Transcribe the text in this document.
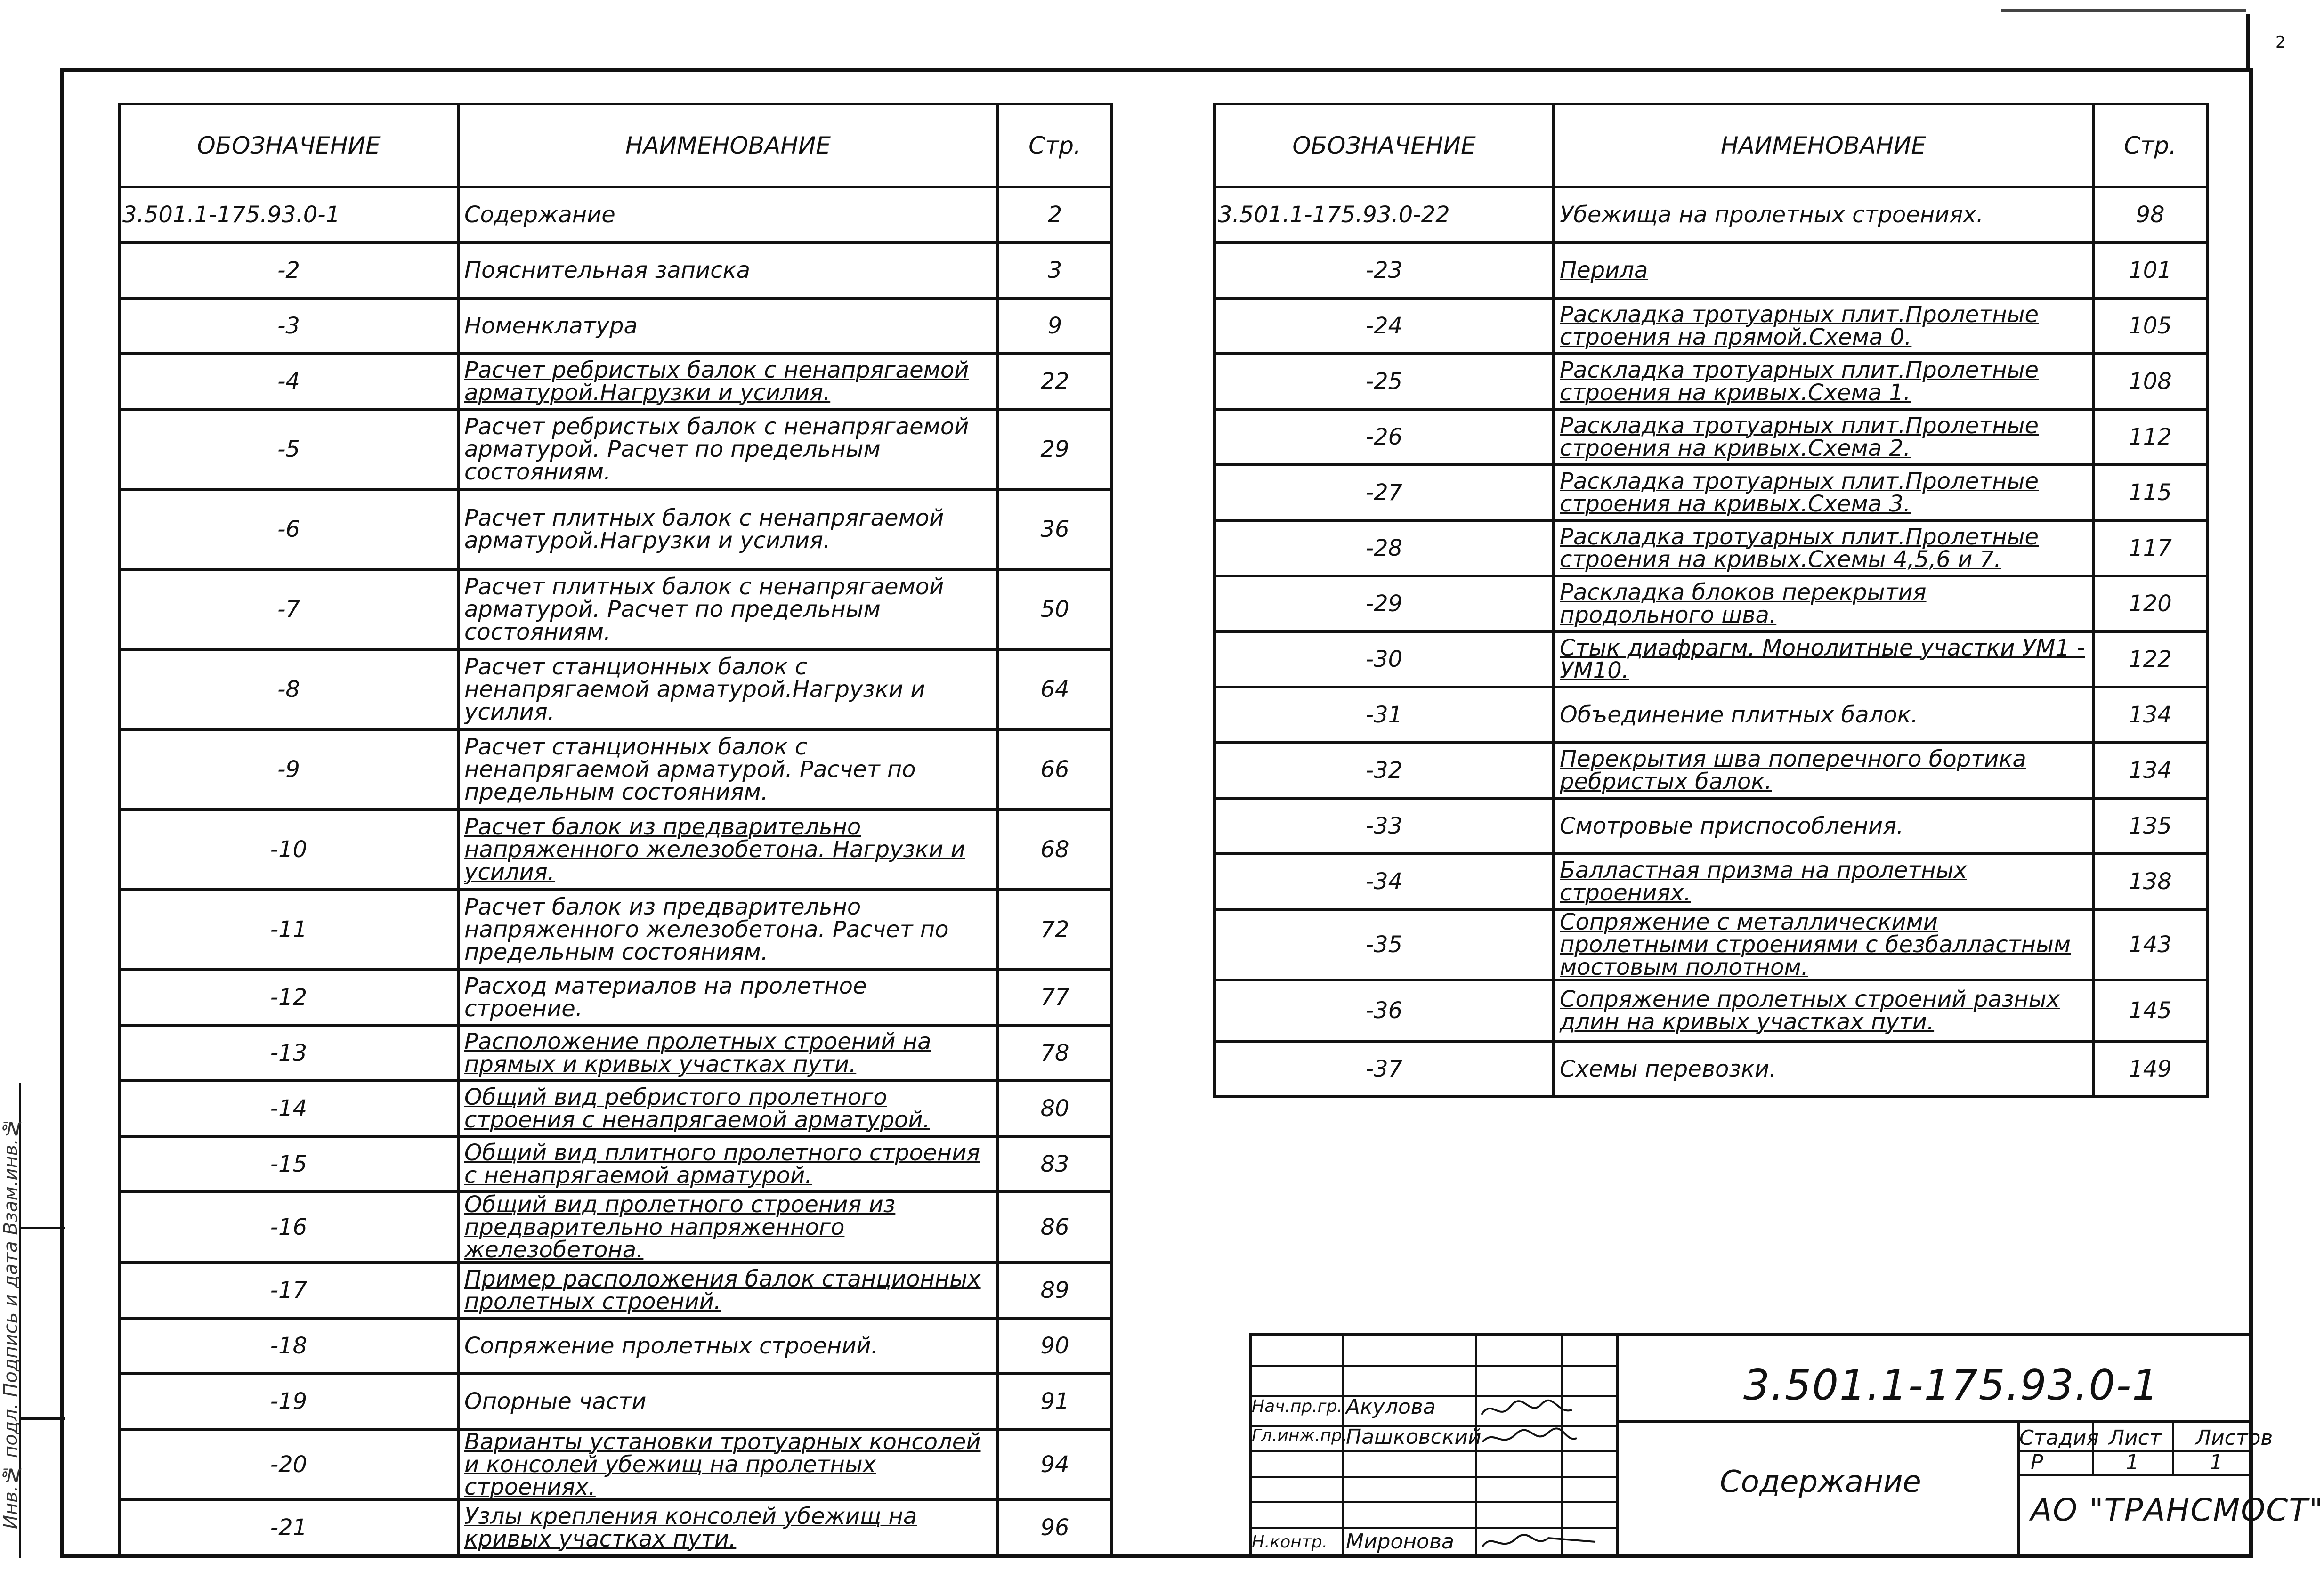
2
ОБОЗНАЧЕНИЕ	НАИМЕНОВАНИЕ	Стр.
3.501.1-175.93.0-1	Содержание	2
-2	Пояснительная записка	3
-3	Номенклатура	9
-4	Расчет ребристых балок с ненапрягаемой арматурой.Нагрузки и усилия.	22
-5	Расчет ребристых балок с ненапрягаемой арматурой. Расчет по предельным состояниям.	29
-6	Расчет плитных балок с ненапрягаемой арматурой.Нагрузки и усилия.	36
-7	Расчет плитных балок с ненапрягаемой арматурой. Расчет по предельным состояниям.	50
-8	Расчет станционных балок с ненапрягаемой арматурой.Нагрузки и усилия.	64
-9	Расчет станционных балок с ненапрягаемой арматурой. Расчет по предельным состояниям.	66
-10	Расчет балок из предварительно напряженного железобетона. Нагрузки и усилия.	68
-11	Расчет балок из предварительно напряженного железобетона. Расчет по предельным состояниям.	72
-12	Расход материалов на пролетное строение.	77
-13	Расположение пролетных строений на прямых и кривых участках пути.	78
-14	Общий вид ребристого пролетного строения с ненапрягаемой арматурой.	80
-15	Общий вид плитного пролетного строения с ненапрягаемой арматурой.	83
-16	Общий вид пролетного строения из предварительно напряженного железобетона.	86
-17	Пример расположения балок станционных пролетных строений.	89
-18	Сопряжение пролетных строений.	90
-19	Опорные части	91
-20	Варианты установки тротуарных консолей и консолей убежищ на пролетных строениях.	94
-21	Узлы крепления консолей убежищ на кривых участках пути.	96
ОБОЗНАЧЕНИЕ	НАИМЕНОВАНИЕ	Стр.
3.501.1-175.93.0-22	Убежища на пролетных строениях.	98
-23	Перила	101
-24	Раскладка тротуарных плит.Пролетные строения на прямой.Схема 0.	105
-25	Раскладка тротуарных плит.Пролетные строения на кривых.Схема 1.	108
-26	Раскладка тротуарных плит.Пролетные строения на кривых.Схема 2.	112
-27	Раскладка тротуарных плит.Пролетные строения на кривых.Схема 3.	115
-28	Раскладка тротуарных плит.Пролетные строения на кривых.Схемы 4,5,6 и 7.	117
-29	Раскладка блоков перекрытия продольного шва.	120
-30	Стык диафрагм. Монолитные участки УМ1 - УМ10.	122
-31	Объединение плитных балок.	134
-32	Перекрытия шва поперечного бортика ребристых балок.	134
-33	Смотровые приспособления.	135
-34	Балластная призма на пролетных строениях.	138
-35	Сопряжение с металлическими пролетными строениями с безбалластным мостовым полотном.	143
-36	Сопряжение пролетных строений разных длин на кривых участках пути.	145
-37	Схемы перевозки.	149
Инв.№ подл. Подпись и дата Взам.инв.№	3.501.1-175.93.0-1
Содержание
АО "ТРАНСМОСТ"
Стадия Лист Листов
Р	1	1
Нач.пр.гр. Акулова
Гл.инж.пр.
Пашковский
Н.контр. Миронова
